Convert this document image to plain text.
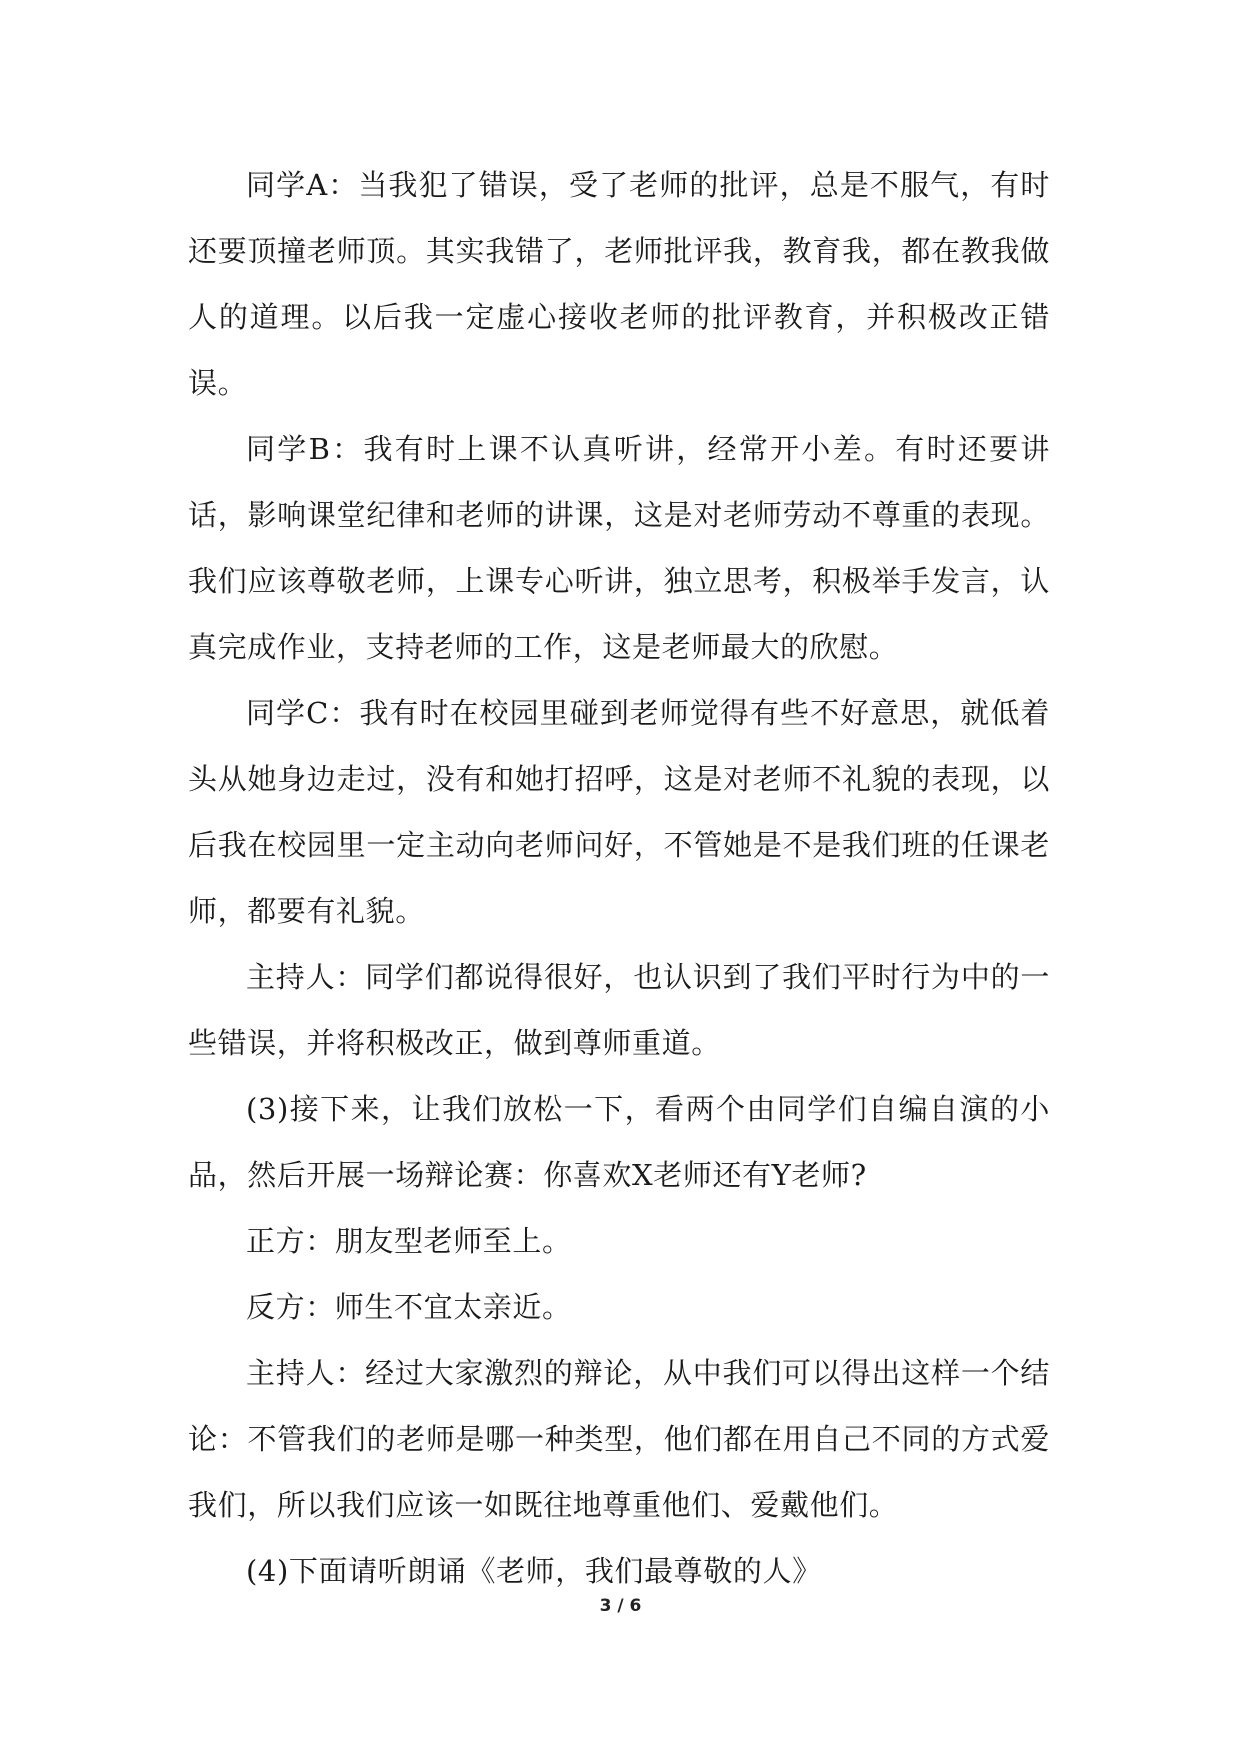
同学A：当我犯了错误，受了老师的批评，总是不服气，有时还要顶撞老师顶。其实我错了，老师批评我，教育我，都在教我做人的道理。以后我一定虚心接收老师的批评教育，并积极改正错误。

同学B：我有时上课不认真听讲，经常开小差。有时还要讲话，影响课堂纪律和老师的讲课，这是对老师劳动不尊重的表现。我们应该尊敬老师，上课专心听讲，独立思考，积极举手发言，认真完成作业，支持老师的工作，这是老师最大的欣慰。

同学C：我有时在校园里碰到老师觉得有些不好意思，就低着头从她身边走过，没有和她打招呼，这是对老师不礼貌的表现，以后我在校园里一定主动向老师问好，不管她是不是我们班的任课老师，都要有礼貌。

主持人：同学们都说得很好，也认识到了我们平时行为中的一些错误，并将积极改正，做到尊师重道。

(3)接下来，让我们放松一下，看两个由同学们自编自演的小品，然后开展一场辩论赛：你喜欢X老师还有Y老师?

正方：朋友型老师至上。

反方：师生不宜太亲近。

主持人：经过大家激烈的辩论，从中我们可以得出这样一个结论：不管我们的老师是哪一种类型，他们都在用自己不同的方式爱我们，所以我们应该一如既往地尊重他们、爱戴他们。

(4)下面请听朗诵《老师，我们最尊敬的人》

3 / 6
